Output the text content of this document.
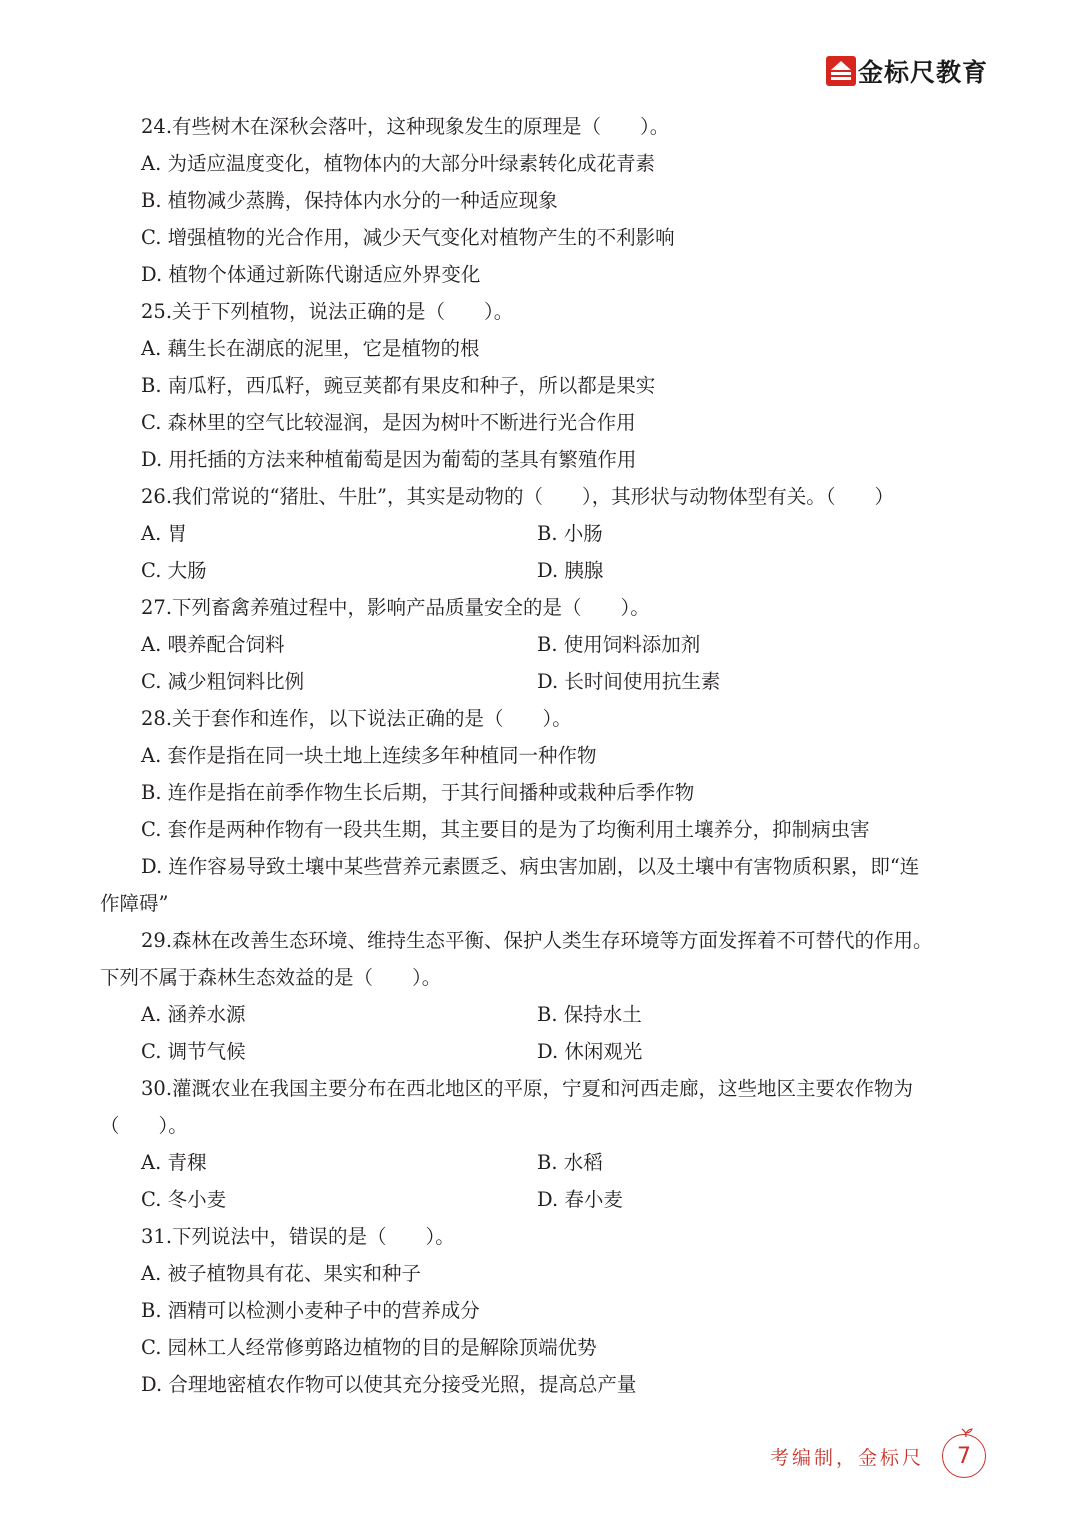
金标尺教育
24.有些树木在深秋会落叶，这种现象发生的原理是（　　）。
A. 为适应温度变化，植物体内的大部分叶绿素转化成花青素
B. 植物减少蒸腾，保持体内水分的一种适应现象
C. 增强植物的光合作用，减少天气变化对植物产生的不利影响
D. 植物个体通过新陈代谢适应外界变化
25.关于下列植物，说法正确的是（　　）。
A. 藕生长在湖底的泥里，它是植物的根
B. 南瓜籽，西瓜籽，豌豆荚都有果皮和种子，所以都是果实
C. 森林里的空气比较湿润，是因为树叶不断进行光合作用
D. 用托插的方法来种植葡萄是因为葡萄的茎具有繁殖作用
26.我们常说的“猪肚、牛肚”，其实是动物的（　　），其形状与动物体型有关。（　　）
A. 胃	B. 小肠
C. 大肠	D. 胰腺
27.下列畜禽养殖过程中，影响产品质量安全的是（　　）。
A. 喂养配合饲料	B. 使用饲料添加剂
C. 减少粗饲料比例	D. 长时间使用抗生素
28.关于套作和连作，以下说法正确的是（　　）。
A. 套作是指在同一块土地上连续多年种植同一种作物
B. 连作是指在前季作物生长后期，于其行间播种或栽种后季作物
C. 套作是两种作物有一段共生期，其主要目的是为了均衡利用土壤养分，抑制病虫害
D. 连作容易导致土壤中某些营养元素匮乏、病虫害加剧，以及土壤中有害物质积累，即“连
作障碍”
29.森林在改善生态环境、维持生态平衡、保护人类生存环境等方面发挥着不可替代的作用。
下列不属于森林生态效益的是（　　）。
A. 涵养水源	B. 保持水土
C. 调节气候	D. 休闲观光
30.灌溉农业在我国主要分布在西北地区的平原，宁夏和河西走廊，这些地区主要农作物为
（　　）。
A. 青稞	B. 水稻
C. 冬小麦	D. 春小麦
31.下列说法中，错误的是（　　）。
A. 被子植物具有花、果实和种子
B. 酒精可以检测小麦种子中的营养成分
C. 园林工人经常修剪路边植物的目的是解除顶端优势
D. 合理地密植农作物可以使其充分接受光照，提高总产量
考编制，金标尺 7
